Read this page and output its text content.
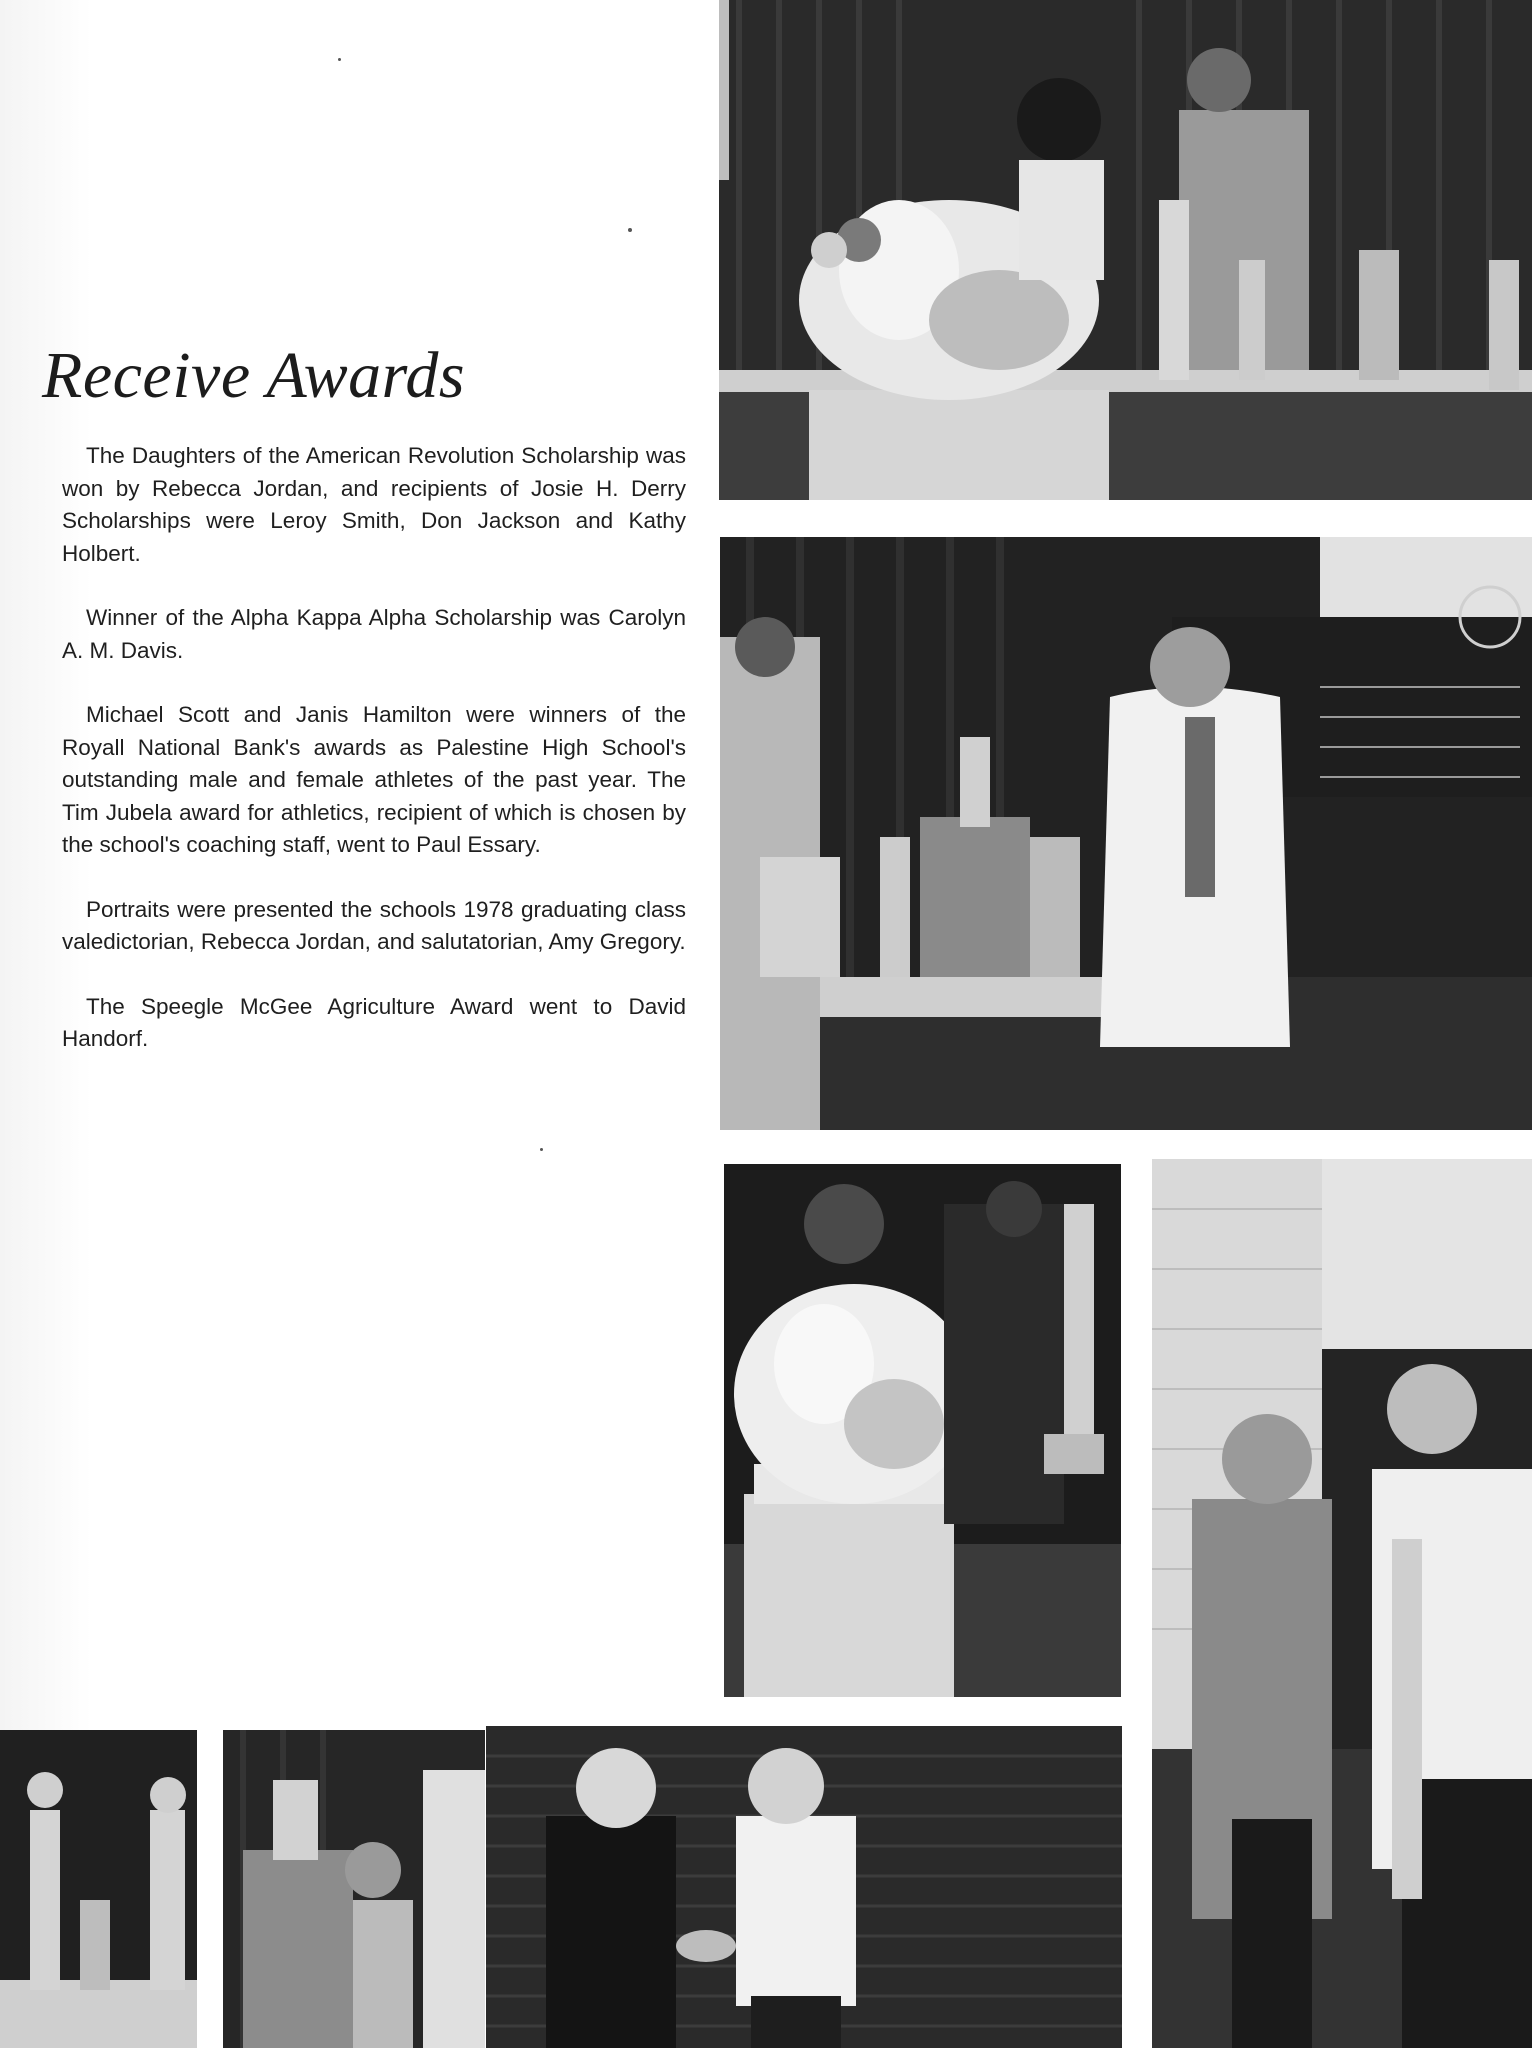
Receive Awards

The Daughters of the American Revolution Scholarship was won by Rebecca Jordan, and recipients of Josie H. Derry Scholarships were Leroy Smith, Don Jackson and Kathy Holbert.

Winner of the Alpha Kappa Alpha Scholarship was Carolyn A. M. Davis.

Michael Scott and Janis Hamilton were winners of the Royall National Bank's awards as Palestine High School's outstanding male and female athletes of the past year. The Tim Jubela award for athletics, recipient of which is chosen by the school's coaching staff, went to Paul Essary.

Portraits were presented the schools 1978 graduating class valedictorian, Rebecca Jordan, and salutatorian, Amy Gregory.

The Speegle McGee Agriculture Award went to David Handorf.
